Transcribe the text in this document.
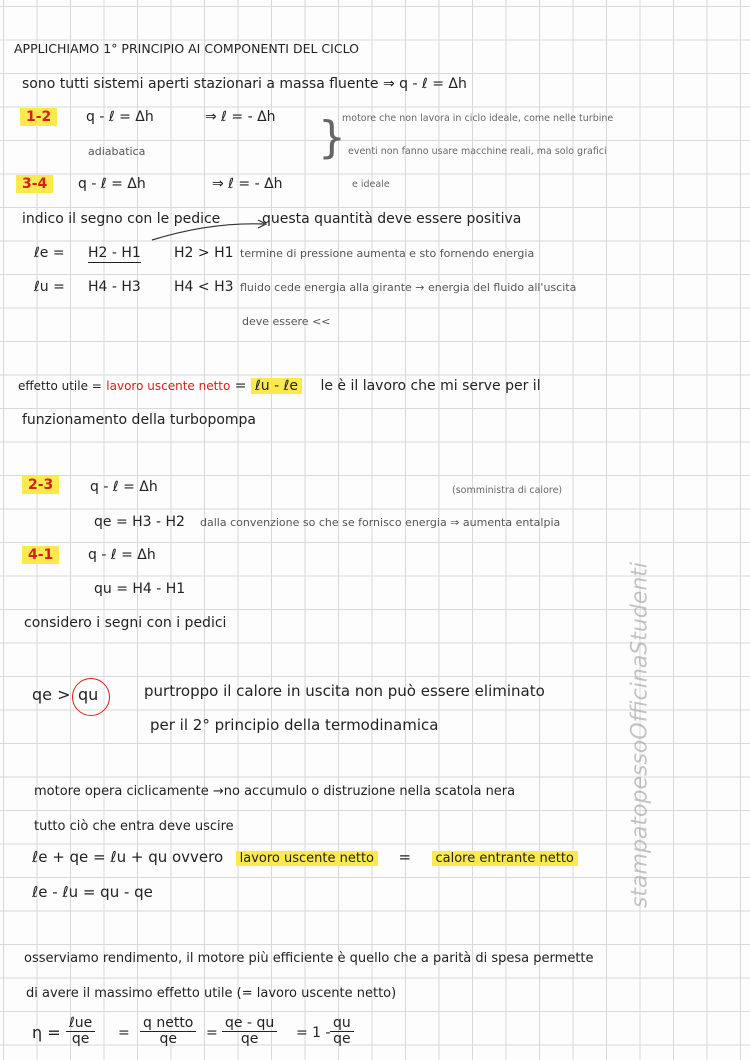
APPLICHIAMO 1° PRINCIPIO AI COMPONENTI DEL CICLO
sono tutti sistemi aperti stazionari a massa fluente ⇒ q - ℓ = Δh
1-2	q - ℓ = Δh	⇒ ℓ = - Δh
adiabatica	}
motore che non lavora in ciclo ideale, come nelle turbine
eventi non fanno usare macchine reali, ma solo grafici
e ideale
3-4	q - ℓ = Δh	⇒ ℓ = - Δh
indico il segno con le pedice	questa quantità deve essere positiva
ℓe = H2 - H1 H2 > H1 termine di pressione aumenta e sto fornendo energia
ℓu = H4 - H3 H4 < H3 fluido cede energia alla girante → energia del fluido all'uscita
deve essere <<
effetto utile = lavoro uscente netto = ℓu - ℓe le è il lavoro che mi serve per il
funzionamento della turbopompa
2-3	q - ℓ = Δh	(somministra di calore)
qe = H3 - H2 dalla convenzione so che se fornisco energia ⇒ aumenta entalpia
4-1	q - ℓ = Δh
qu = H4 - H1
considero i segni con i pedici
qe > qu	purtroppo il calore in uscita non può essere eliminato
per il 2° principio della termodinamica
motore opera ciclicamente →no accumulo o distruzione nella scatola nera
tutto ciò che entra deve uscire
ℓe + qe = ℓu + qu ovvero lavoro uscente netto = calore entrante netto
ℓe - ℓu = qu - qe
osserviamo rendimento, il motore più efficiente è quello che a parità di spesa permette
di avere il massimo effetto utile (= lavoro uscente netto)
η = ℓue
qe	=
q netto
qe	= $\frac{qe - qu}{qe} = 1 - \frac{qu}{qe}$
stampatopessoOfficinaStudenti
